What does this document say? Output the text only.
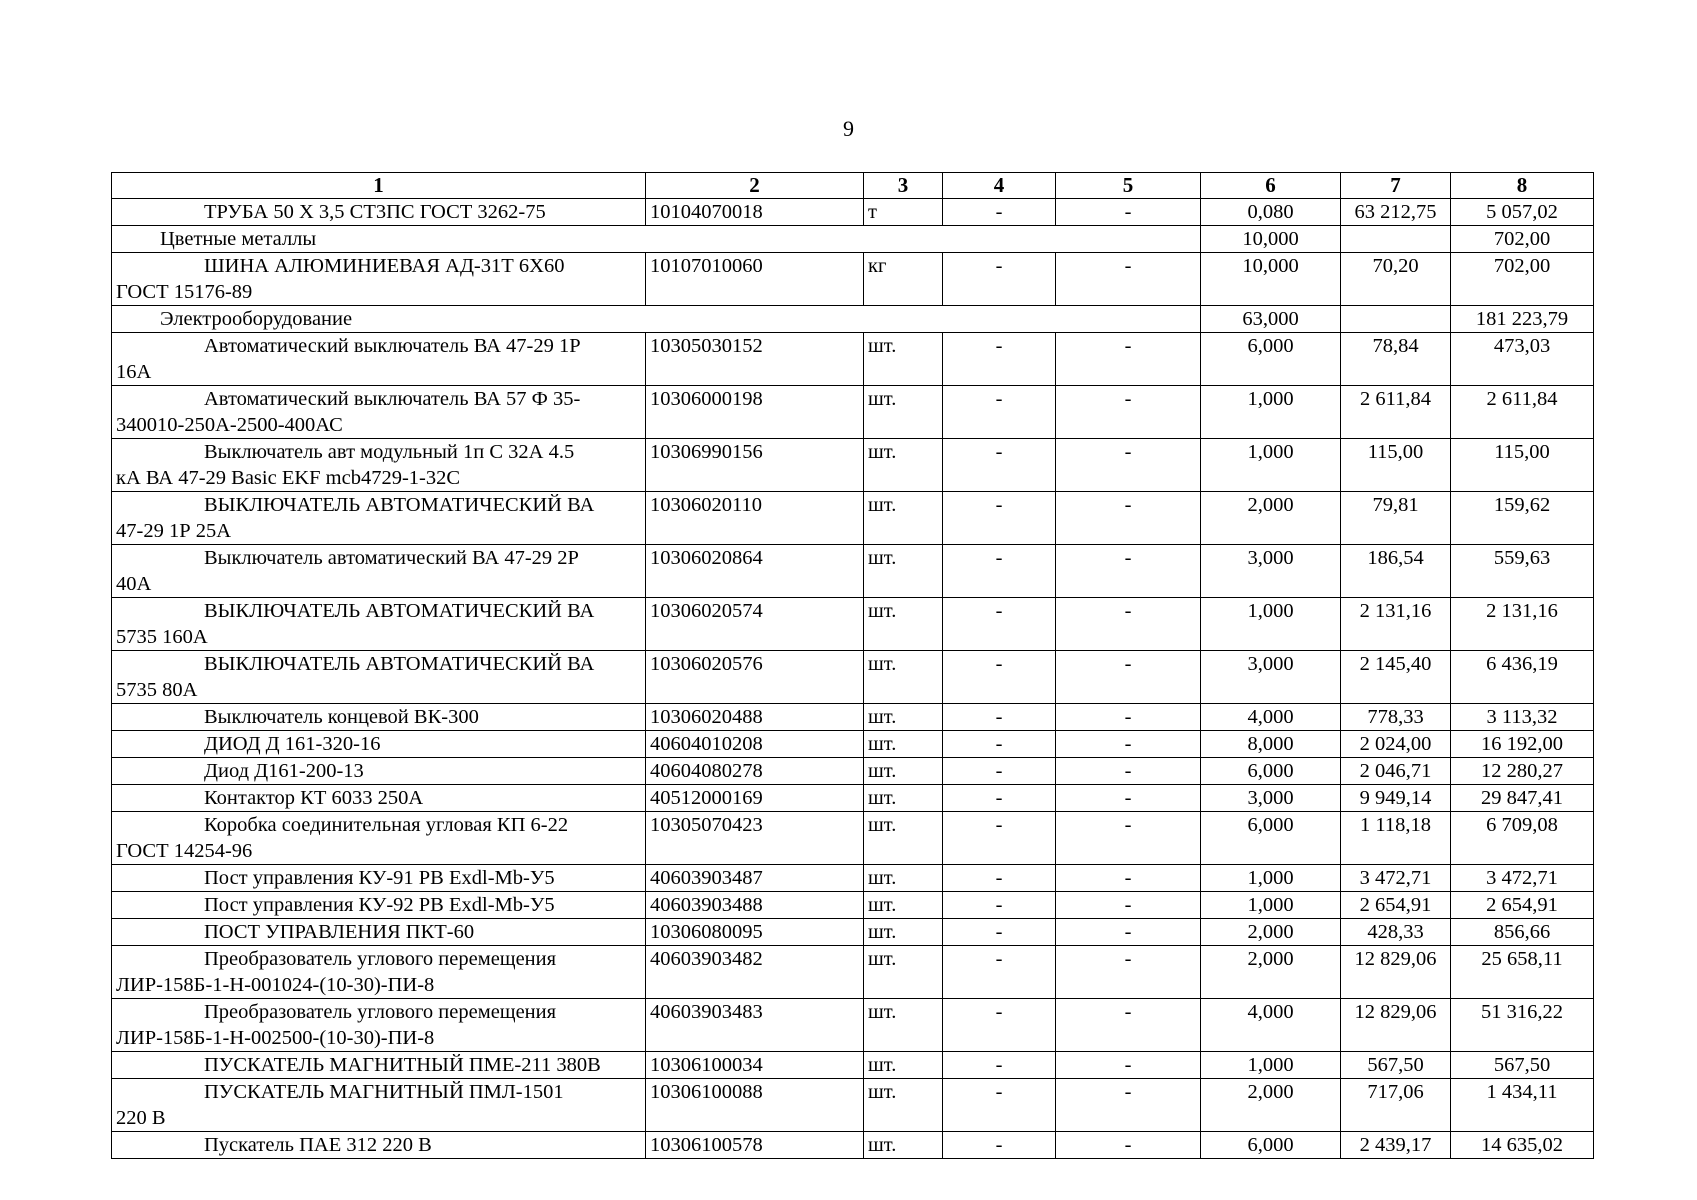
9
1	2	3	4	5	6	7	8
ТРУБА 50 Х 3,5 СТ3ПС ГОСТ 3262-75	10104070018	т	-	-	0,080	63 212,75	5 057,02
Цветные металлы					10,000		702,00
ШИНА АЛЮМИНИЕВАЯ АД-31Т 6Х60
ГОСТ 15176-89	10107010060	кг	-	-	10,000	70,20	702,00
Электрооборудование					63,000		181 223,79
Автоматический выключатель ВА 47-29 1Р
16А	10305030152	шт.	-	-	6,000	78,84	473,03
Автоматический выключатель ВА 57 Ф 35-
340010-250А-2500-400АС	10306000198	шт.	-	-	1,000	2 611,84	2 611,84
Выключатель авт модульный 1п С 32А 4.5
кА ВА 47-29 Basic EKF mcb4729-1-32C	10306990156	шт.	-	-	1,000	115,00	115,00
ВЫКЛЮЧАТЕЛЬ АВТОМАТИЧЕСКИЙ ВА
47-29 1Р 25А	10306020110	шт.	-	-	2,000	79,81	159,62
Выключатель автоматический ВА 47-29 2Р
40А	10306020864	шт.	-	-	3,000	186,54	559,63
ВЫКЛЮЧАТЕЛЬ АВТОМАТИЧЕСКИЙ ВА
5735 160А	10306020574	шт.	-	-	1,000	2 131,16	2 131,16
ВЫКЛЮЧАТЕЛЬ АВТОМАТИЧЕСКИЙ ВА
5735 80А	10306020576	шт.	-	-	3,000	2 145,40	6 436,19
Выключатель концевой ВК-300	10306020488	шт.	-	-	4,000	778,33	3 113,32
ДИОД Д 161-320-16	40604010208	шт.	-	-	8,000	2 024,00	16 192,00
Диод Д161-200-13	40604080278	шт.	-	-	6,000	2 046,71	12 280,27
Контактор КТ 6033 250А	40512000169	шт.	-	-	3,000	9 949,14	29 847,41
Коробка соединительная угловая КП 6-22
ГОСТ 14254-96	10305070423	шт.	-	-	6,000	1 118,18	6 709,08
Пост управления КУ-91 РВ Exdl-Mb-У5	40603903487	шт.	-	-	1,000	3 472,71	3 472,71
Пост управления КУ-92 РВ Exdl-Mb-У5	40603903488	шт.	-	-	1,000	2 654,91	2 654,91
ПОСТ УПРАВЛЕНИЯ ПКТ-60	10306080095	шт.	-	-	2,000	428,33	856,66
Преобразователь углового перемещения
ЛИР-158Б-1-Н-001024-(10-30)-ПИ-8	40603903482	шт.	-	-	2,000	12 829,06	25 658,11
Преобразователь углового перемещения
ЛИР-158Б-1-Н-002500-(10-30)-ПИ-8	40603903483	шт.	-	-	4,000	12 829,06	51 316,22
ПУСКАТЕЛЬ МАГНИТНЫЙ ПМЕ-211 380В	10306100034	шт.	-	-	1,000	567,50	567,50
ПУСКАТЕЛЬ МАГНИТНЫЙ ПМЛ-1501
220 В	10306100088	шт.	-	-	2,000	717,06	1 434,11
Пускатель ПАЕ 312 220 В	10306100578	шт.	-	-	6,000	2 439,17	14 635,02
